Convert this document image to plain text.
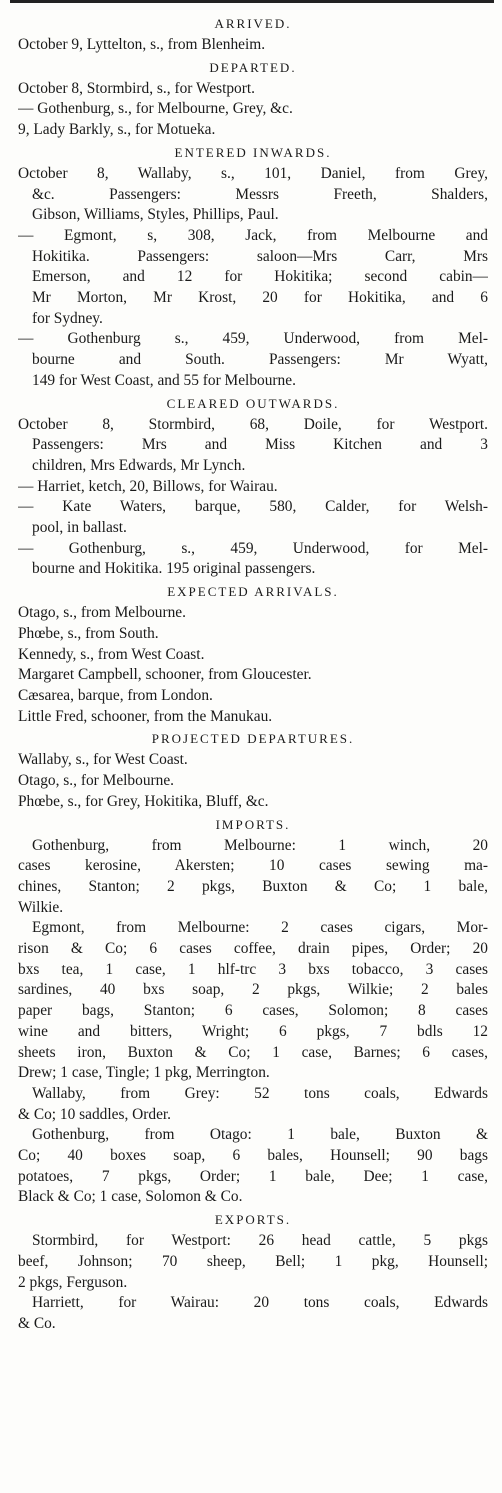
ARRIVED.
October 9, Lyttelton, s., from Blenheim.
DEPARTED.
October 8, Stormbird, s., for Westport.
— Gothenburg, s., for Melbourne, Grey, &c.
9, Lady Barkly, s., for Motueka.
ENTERED INWARDS.
October 8, Wallaby, s., 101, Daniel, from Grey,
&c. Passengers: Messrs Freeth, Shalders,
Gibson, Williams, Styles, Phillips, Paul.
— Egmont, s, 308, Jack, from Melbourne and
Hokitika. Passengers: saloon—Mrs Carr, Mrs
Emerson, and 12 for Hokitika; second cabin—
Mr Morton, Mr Krost, 20 for Hokitika, and 6
for Sydney.
— Gothenburg s., 459, Underwood, from Mel-
bourne and South. Passengers: Mr Wyatt,
149 for West Coast, and 55 for Melbourne.
CLEARED OUTWARDS.
October 8, Stormbird, 68, Doile, for Westport.
Passengers: Mrs and Miss Kitchen and 3
children, Mrs Edwards, Mr Lynch.
— Harriet, ketch, 20, Billows, for Wairau.
— Kate Waters, barque, 580, Calder, for Welsh-
pool, in ballast.
— Gothenburg, s., 459, Underwood, for Mel-
bourne and Hokitika. 195 original passengers.
EXPECTED ARRIVALS.
Otago, s., from Melbourne.
Phœbe, s., from South.
Kennedy, s., from West Coast.
Margaret Campbell, schooner, from Gloucester.
Cæsarea, barque, from London.
Little Fred, schooner, from the Manukau.
PROJECTED DEPARTURES.
Wallaby, s., for West Coast.
Otago, s., for Melbourne.
Phœbe, s., for Grey, Hokitika, Bluff, &c.
IMPORTS.
Gothenburg, from Melbourne: 1 winch, 20
cases kerosine, Akersten; 10 cases sewing ma-
chines, Stanton; 2 pkgs, Buxton & Co; 1 bale,
Wilkie.
Egmont, from Melbourne: 2 cases cigars, Mor-
rison & Co; 6 cases coffee, drain pipes, Order; 20
bxs tea, 1 case, 1 hlf-trc 3 bxs tobacco, 3 cases
sardines, 40 bxs soap, 2 pkgs, Wilkie; 2 bales
paper bags, Stanton; 6 cases, Solomon; 8 cases
wine and bitters, Wright; 6 pkgs, 7 bdls 12
sheets iron, Buxton & Co; 1 case, Barnes; 6 cases,
Drew; 1 case, Tingle; 1 pkg, Merrington.
Wallaby, from Grey: 52 tons coals, Edwards
& Co; 10 saddles, Order.
Gothenburg, from Otago: 1 bale, Buxton &
Co; 40 boxes soap, 6 bales, Hounsell; 90 bags
potatoes, 7 pkgs, Order; 1 bale, Dee; 1 case,
Black & Co; 1 case, Solomon & Co.
EXPORTS.
Stormbird, for Westport: 26 head cattle, 5 pkgs
beef, Johnson; 70 sheep, Bell; 1 pkg, Hounsell;
2 pkgs, Ferguson.
Harriett, for Wairau: 20 tons coals, Edwards
& Co.
